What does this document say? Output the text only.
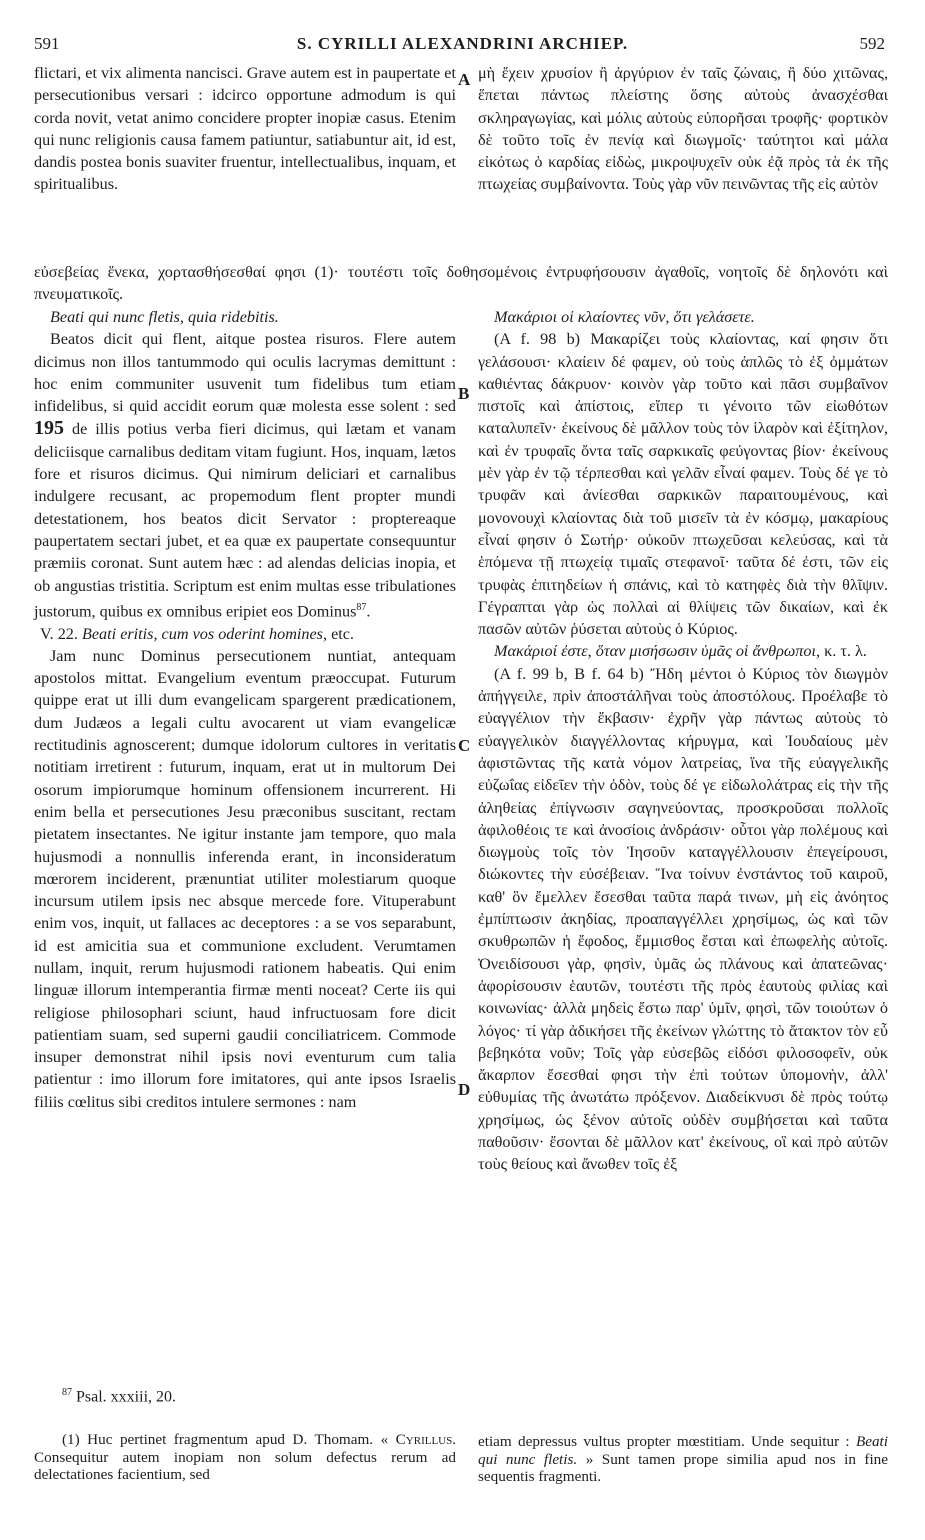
591	S. CYRILLI ALEXANDRINI ARCHIEP.	592

flictari, et vix alimenta nancisci. Grave autem est in paupertate et persecutionibus versari : idcirco opportune admodum is qui corda novit, vetat animo concidere propter inopiæ casus. Etenim qui nunc religionis causa famem patiuntur, satiabuntur ait, id est, dandis postea bonis suaviter fruentur, intellectualibus, inquam, et spiritualibus.

A μὴ ἔχειν χρυσίον ἢ ἀργύριον ἐν ταῖς ζώναις, ἢ δύο χιτῶνας, ἕπεται πάντως πλείστης ὅσης αὐτοὺς ἀνασχέσθαι σκληραγωγίας, καὶ μόλις αὐτοὺς εὐπορῆσαι τροφῆς· φορτικὸν δὲ τοῦτο τοῖς ἐν πενίᾳ καὶ διωγμοῖς· ταύτητοι καὶ μάλα εἰκότως ὁ καρδίας εἰδὼς, μικροψυχεῖν οὐκ ἐᾷ πρὸς τὰ ἐκ τῆς πτωχείας συμβαίνοντα. Τοὺς γὰρ νῦν πεινῶντας τῆς εἰς αὐτὸν

εὐσεβείας ἕνεκα, χορτασθήσεσθαί φησι (1)· τουτέστι τοῖς δοθησομένοις ἐντρυφήσουσιν ἀγαθοῖς, νοητοῖς δὲ δηλονότι καὶ πνευματικοῖς.

Beati qui nunc fletis, quia ridebitis.

Beatos dicit qui flent, aitque postea risuros. Flere autem dicimus non illos tantummodo qui oculis lacrymas demittunt : hoc enim communiter usuvenit tum fidelibus tum etiam infidelibus, si quid accidit eorum quæ molesta esse solent : sed 195 de illis potius verba fieri dicimus, qui lætam et vanam deliciisque carnalibus deditam vitam fugiunt. Hos, inquam, lætos fore et risuros dicimus. Qui nimirum deliciari et carnalibus indulgere recusant, ac propemodum flent propter mundi detestationem, hos beatos dicit Servator : proptereaque paupertatem sectari jubet, et ea quæ ex paupertate consequuntur præmiis coronat. Sunt autem hæc : ad alendas delicias inopia, et ob angustias tristitia. Scriptum est enim multas esse tribulationes justorum, quibus ex omnibus eripiet eos Dominus$^{87}$.

V. 22. Beati eritis, cum vos oderint homines, etc.

Jam nunc Dominus persecutionem nuntiat, antequam apostolos mittat. Evangelium eventum præoccupat. Futurum quippe erat ut illi dum evangelicam spargerent prædicationem, dum Judæos a legali cultu avocarent ut viam evangelicæ rectitudinis agnoscerent; dumque idolorum cultores in veritatis notitiam irretirent : futurum, inquam, erat ut in multorum Dei osorum impiorumque hominum offensionem incurrerent. Hi enim bella et persecutiones Jesu præconibus suscitant, rectam pietatem insectantes. Ne igitur instante jam tempore, quo mala hujusmodi a nonnullis inferenda erant, in inconsideratum mœrorem inciderent, prænuntiat utiliter molestiarum quoque incursum utilem ipsis nec absque mercede fore. Vituperabunt enim vos, inquit, ut fallaces ac deceptores : a se vos separabunt, id est amicitia sua et communione excludent. Verumtamen nullam, inquit, rerum hujusmodi rationem habeatis. Qui enim linguæ illorum intemperantia firmæ menti noceat? Certe iis qui religiose philosophari sciunt, haud infructuosam fore dicit patientiam suam, sed superni gaudii conciliatricem. Commode insuper demonstrat nihil ipsis novi eventurum cum talia patientur : imo illorum fore imitatores, qui ante ipsos Israelis filiis cœlitus sibi creditos intulere sermones : nam

B
C
D

Μακάριοι οἱ κλαίοντες νῦν, ὅτι γελάσετε.

(A f. 98 b) Μακαρίζει τοὺς κλαίοντας, καί φησιν ὅτι γελάσουσι· κλαίειν δέ φαμεν, οὐ τοὺς ἁπλῶς τὸ ἐξ ὀμμάτων καθιέντας δάκρυον· κοινὸν γὰρ τοῦτο καὶ πᾶσι συμβαῖνον πιστοῖς καὶ ἀπίστοις, εἴπερ τι γένοιτο τῶν εἰωθότων καταλυπεῖν· ἐκείνους δὲ μᾶλλον τοὺς τὸν ἱλαρὸν καὶ ἐξίτηλον, καὶ ἐν τρυφαῖς ὄντα ταῖς σαρκικαῖς φεύγοντας βίον· ἐκείνους μὲν γὰρ ἐν τῷ τέρπεσθαι καὶ γελᾶν εἶναί φαμεν. Τοὺς δέ γε τὸ τρυφᾶν καὶ ἀνίεσθαι σαρκικῶν παραιτουμένους, καὶ μονονουχὶ κλαίοντας διὰ τοῦ μισεῖν τὰ ἐν κόσμῳ, μακαρίους εἶναί φησιν ὁ Σωτήρ· οὐκοῦν πτωχεῦσαι κελεύσας, καὶ τὰ ἑπόμενα τῇ πτωχείᾳ τιμαῖς στεφανοῖ· ταῦτα δέ ἐστι, τῶν εἰς τρυφὰς ἐπιτηδείων ἡ σπάνις, καὶ τὸ κατηφὲς διὰ τὴν θλῖψιν. Γέγραπται γὰρ ὡς πολλαὶ αἱ θλίψεις τῶν δικαίων, καὶ ἐκ πασῶν αὐτῶν ῥύσεται αὐτοὺς ὁ Κύριος.

Μακάριοί ἐστε, ὅταν μισήσωσιν ὑμᾶς οἱ ἄνθρωποι, κ. τ. λ.

(A f. 99 b, B f. 64 b) Ἤδη μέντοι ὁ Κύριος τὸν διωγμὸν ἀπήγγειλε, πρὶν ἀποστάλῆναι τοὺς ἀποστόλους. Προέλαβε τὸ εὐαγγέλιον τὴν ἔκβασιν· ἐχρῆν γὰρ πάντως αὐτοὺς τὸ εὐαγγελικὸν διαγγέλλοντας κήρυγμα, καὶ Ἰουδαίους μὲν ἀφιστῶντας τῆς κατὰ νόμον λατρείας, ἵνα τῆς εὐαγγελικῆς εὐζωΐας εἰδεῖεν τὴν ὁδὸν, τοὺς δέ γε εἰδωλολάτρας εἰς τὴν τῆς ἀληθείας ἐπίγνωσιν σαγηνεύοντας, προσκροῦσαι πολλοῖς ἀφιλοθέοις τε καὶ ἀνοσίοις ἀνδράσιν· οὗτοι γὰρ πολέμους καὶ διωγμοὺς τοῖς τὸν Ἰησοῦν καταγγέλλουσιν ἐπεγείρουσι, διώκοντες τὴν εὐσέβειαν. Ἵνα τοίνυν ἐνστάντος τοῦ καιροῦ, καθ' ὃν ἔμελλεν ἔσεσθαι ταῦτα παρά τινων, μὴ εἰς ἀνόητος ἐμπίπτωσιν ἀκηδίας, προαπαγγέλλει χρησίμως, ὡς καὶ τῶν σκυθρωπῶν ἡ ἔφοδος, ἔμμισθος ἔσται καὶ ἐπωφελὴς αὐτοῖς. Ὀνειδίσουσι γὰρ, φησὶν, ὑμᾶς ὡς πλάνους καὶ ἀπατεῶνας· ἀφορίσουσιν ἑαυτῶν, τουτέστι τῆς πρὸς ἑαυτοὺς φιλίας καὶ κοινωνίας· ἀλλὰ μηδεὶς ἔστω παρ' ὑμῖν, φησὶ, τῶν τοιούτων ὁ λόγος· τί γὰρ ἀδικήσει τῆς ἐκείνων γλώττης τὸ ἄτακτον τὸν εὖ βεβηκότα νοῦν; Τοῖς γὰρ εὐσεβῶς εἰδόσι φιλοσοφεῖν, οὐκ ἄκαρπον ἔσεσθαί φησι τὴν ἐπὶ τούτων ὑπομονὴν, ἀλλ' εὐθυμίας τῆς ἀνωτάτω πρόξενον. Διαδείκνυσι δὲ πρὸς τούτῳ χρησίμως, ὡς ξένον αὐτοῖς οὐδὲν συμβήσεται καὶ ταῦτα παθοῦσιν· ἔσονται δὲ μᾶλλον κατ' ἐκείνους, οἳ καὶ πρὸ αὐτῶν τοὺς θείους καὶ ἄνωθεν τοῖς ἐξ

$^{87}$ Psal. xxxiii, 20.
(1) Huc pertinet fragmentum apud D. Thomam. « Cyrillus. Consequitur autem inopiam non solum defectus rerum ad delectationes facientium, sed
etiam depressus vultus propter mœstitiam. Unde sequitur : Beati qui nunc fletis. » Sunt tamen prope similia apud nos in fine sequentis fragmenti.
